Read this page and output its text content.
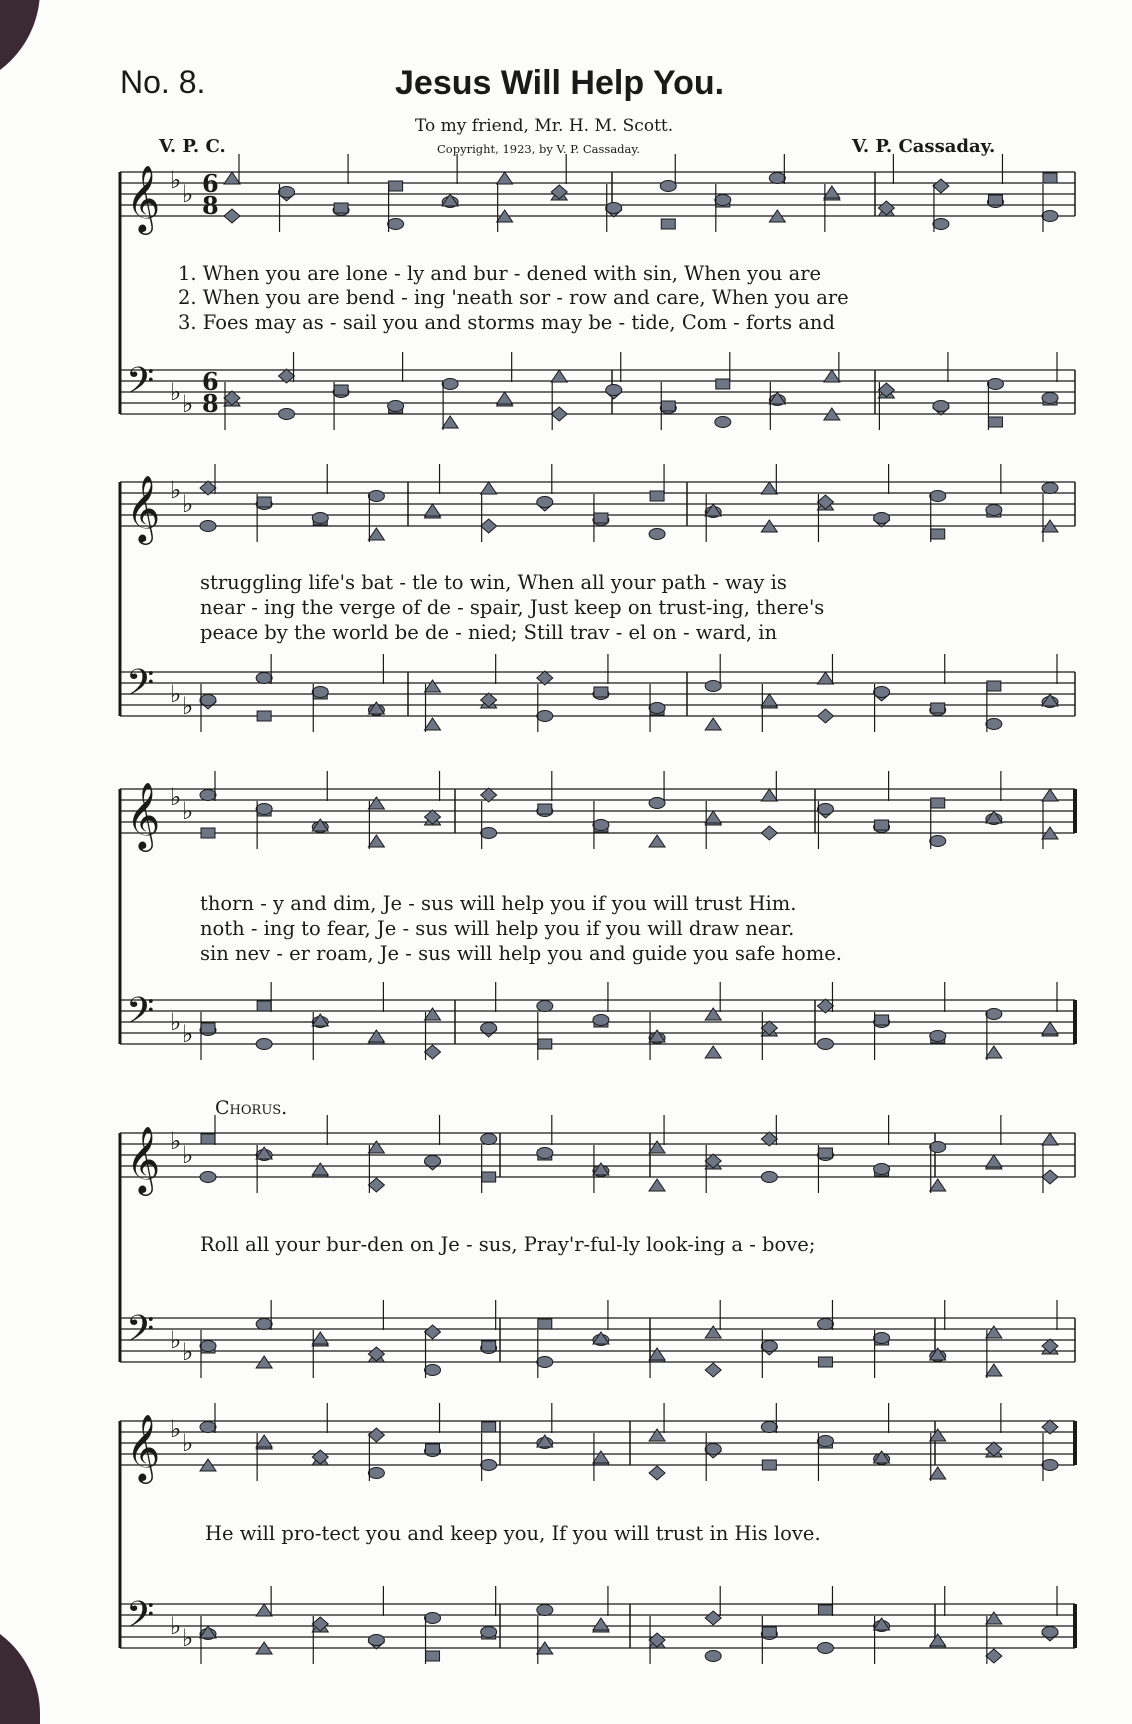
No. 8.	Jesus Will Help You.
To my friend, Mr. H. M. Scott.
Copyright, 1923, by V. P. Cassaday.
V. P. C.	V. P. Cassaday.
𝄞 ♭ ♭ 6
8
𝄢 ♭ ♭
6
8
𝄞 ♭ ♭
𝄢 ♭ ♭
𝄞 ♭ ♭
𝄢 ♭ ♭
𝄞 ♭ ♭
𝄢 ♭ ♭
𝄞 ♭ ♭
𝄢 ♭ ♭
1. When you are lone - ly and bur - dened with sin, When you are
2. When you are bend - ing 'neath sor - row and care, When you are
3. Foes may as - sail you and storms may be - tide, Com - forts and
struggling life's bat - tle to win, When all your path - way is
near - ing the verge of de - spair, Just keep on trust-ing, there's
peace by the world be de - nied; Still trav - el on - ward, in
thorn - y and dim, Je - sus will help you if you will trust Him.
noth - ing to fear, Je - sus will help you if you will draw near.
sin nev - er roam, Je - sus will help you and guide you safe home.
Chorus.
Roll all your bur-den on Je - sus, Pray'r-ful-ly look-ing a - bove;
He will pro-tect you and keep you, If you will trust in His love.
